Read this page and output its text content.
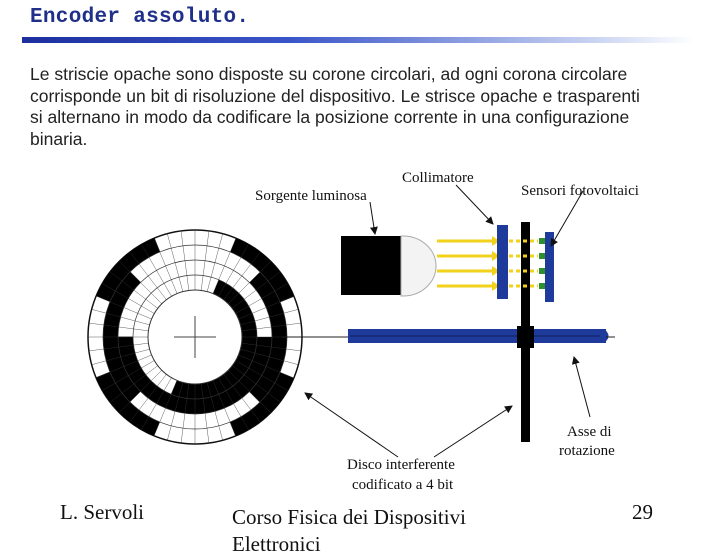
Encoder assoluto.
Le striscie opache sono disposte su corone circolari, ad ogni corona circolare
corrisponde un bit di risoluzione del dispositivo. Le strisce opache e trasparenti
si alternano in modo da codificare la posizione corrente in una configurazione
binaria.
Collimatore
Sorgente luminosa	Sensori fotovoltaici
Asse di
rotazione
Disco interferente
codificato a 4 bit
L. Servoli	Corso Fisica dei Dispositivi Elettronici
29
